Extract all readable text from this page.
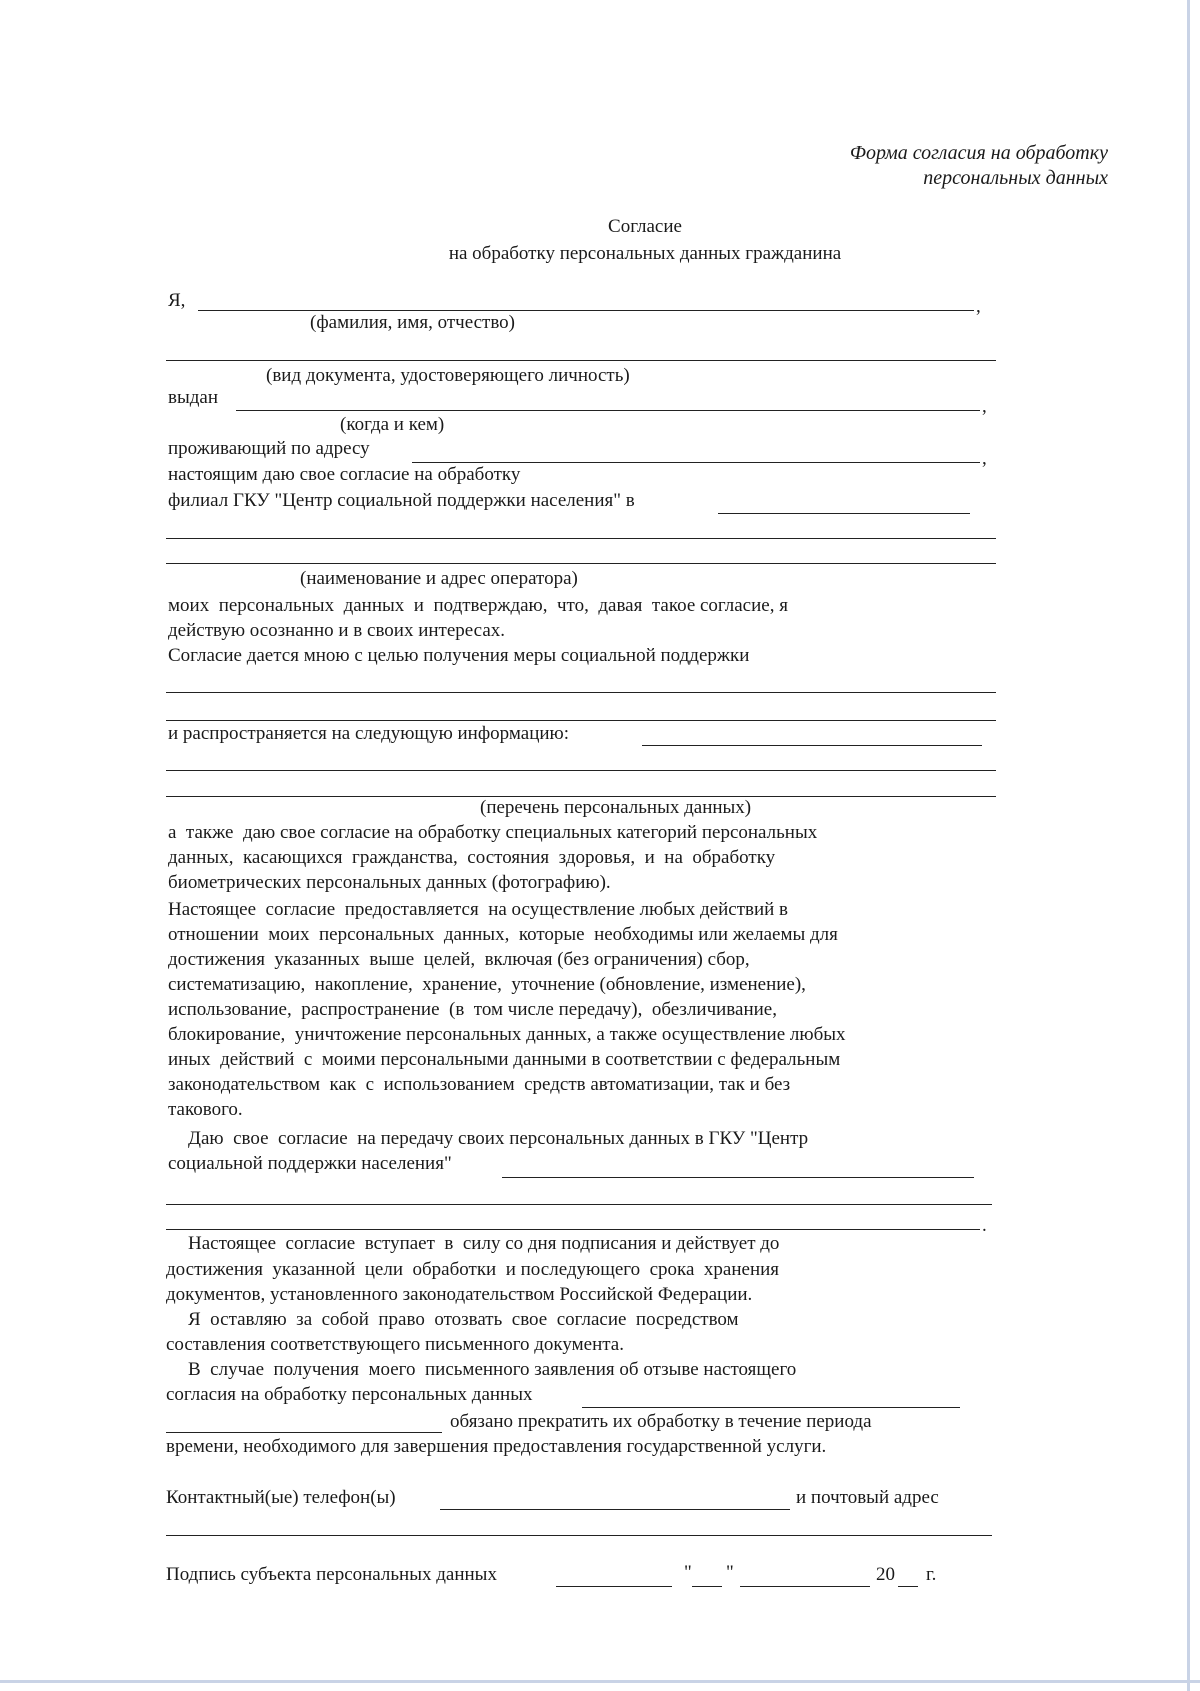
Форма согласия на обработку
персональных данных
Согласие
на обработку персональных данных гражданина
Я,	,
(фамилия, имя, отчество)
(вид документа, удостоверяющего личность)
выдан	,
(когда и кем)
проживающий по адресу	,
настоящим даю свое согласие на обработку
филиал ГКУ "Центр социальной поддержки населения" в
(наименование и адрес оператора)
моих  персональных  данных  и  подтверждаю,  что,  давая  такое согласие, я
действую осознанно и в своих интересах.
Согласие дается мною с целью получения меры социальной поддержки
и распространяется на следующую информацию:
(перечень персональных данных)
а  также  даю свое согласие на обработку специальных категорий персональных
данных,  касающихся  гражданства,  состояния  здоровья,  и  на  обработку
биометрических персональных данных (фотографию).
Настоящее  согласие  предоставляется  на осуществление любых действий в
отношении  моих  персональных  данных,  которые  необходимы или желаемы для
достижения  указанных  выше  целей,  включая (без ограничения) сбор,
систематизацию,  накопление,  хранение,  уточнение (обновление, изменение),
использование,  распространение  (в  том числе передачу),  обезличивание,
блокирование,  уничтожение персональных данных, а также осуществление любых
иных  действий  с  моими персональными данными в соответствии с федеральным
законодательством  как  с  использованием  средств автоматизации, так и без
такового.
Даю  свое  согласие  на передачу своих персональных данных в ГКУ "Центр
социальной поддержки населения"
.
Настоящее  согласие  вступает  в  силу со дня подписания и действует до
достижения  указанной  цели  обработки  и последующего  срока  хранения
документов, установленного законодательством Российской Федерации.
Я  оставляю  за  собой  право  отозвать  свое  согласие  посредством
составления соответствующего письменного документа.
В  случае  получения  моего  письменного заявления об отзыве настоящего
согласия на обработку персональных данных
обязано прекратить их обработку в течение периода
времени, необходимого для завершения предоставления государственной услуги.
Контактный(ые) телефон(ы)	и почтовый адрес
Подпись субъекта персональных данных	" "	20 г.
